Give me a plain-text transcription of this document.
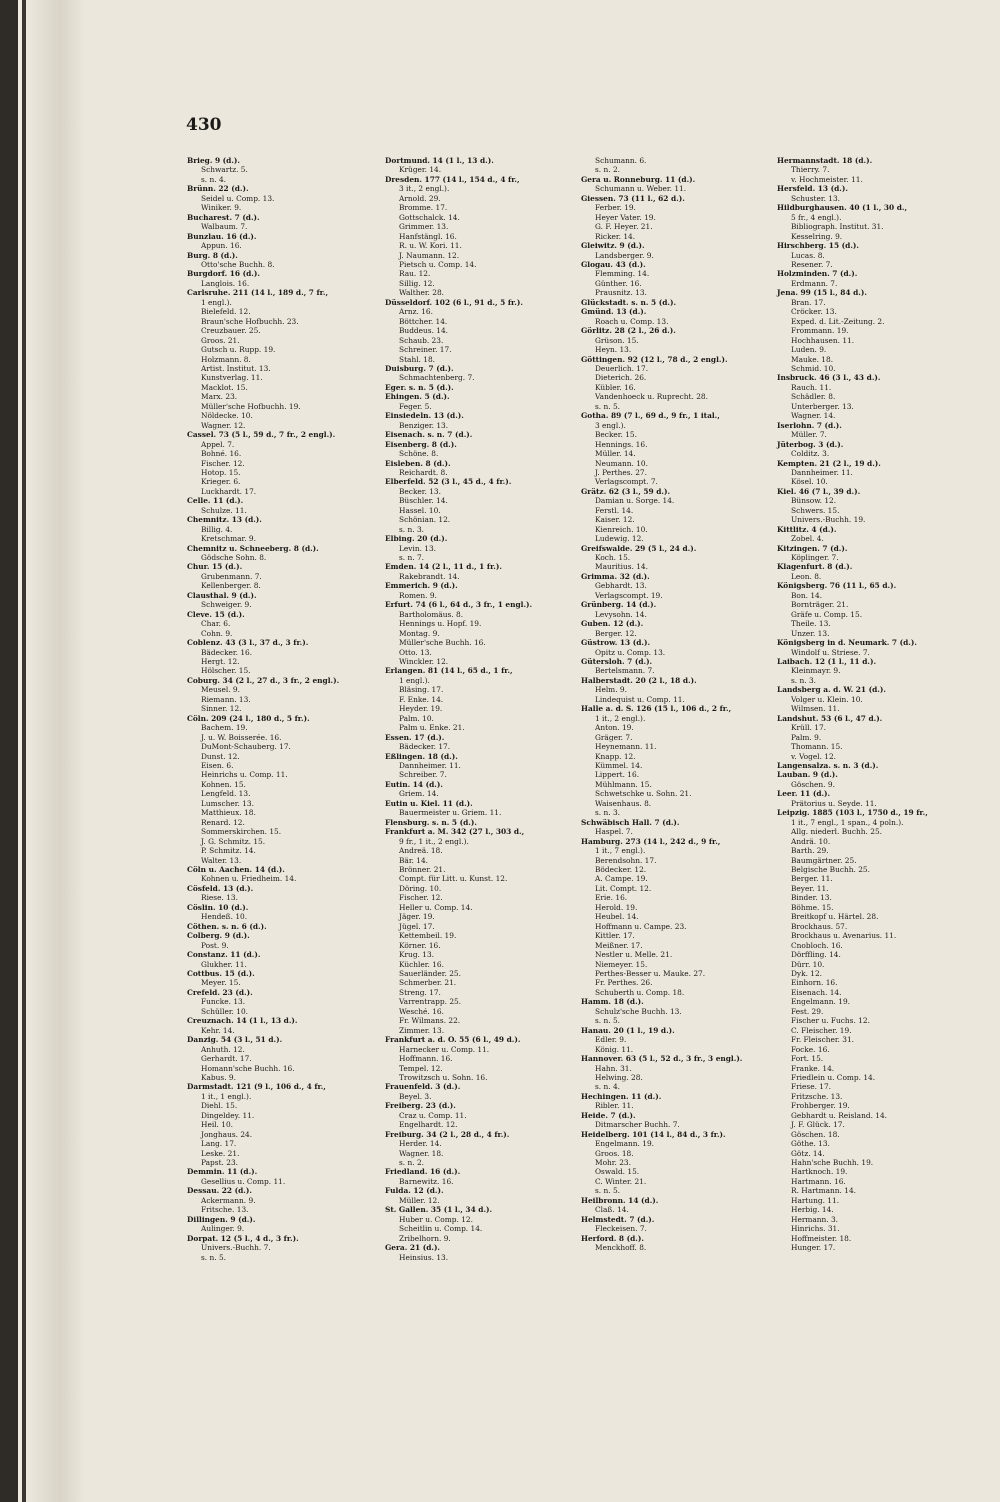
430
Brieg. 9 (d.).
Schwartz. 5.
s. n. 4.
Brünn. 22 (d.).
Seidel u. Comp. 13.
Winiker. 9.
Bucharest. 7 (d.).
Walbaum. 7.
Bunzlau. 16 (d.).
Appun. 16.
Burg. 8 (d.).
Otto'sche Buchh. 8.
Burgdorf. 16 (d.).
Langlois. 16.
Carlsruhe. 211 (14 l., 189 d., 7 fr.,
1 engl.).
Bielefeld. 12.
Braun'sche Hofbuchh. 23.
Creuzbauer. 25.
Groos. 21.
Gutsch u. Rupp. 19.
Holzmann. 8.
Artist. Institut. 13.
Kunstverlag. 11.
Macklot. 15.
Marx. 23.
Müller'sche Hofbuchh. 19.
Nöldecke. 10.
Wagner. 12.
Cassel. 73 (5 l., 59 d., 7 fr., 2 engl.).
Appel. 7.
Bohné. 16.
Fischer. 12.
Hotop. 15.
Krieger. 6.
Luckhardt. 17.
Celle. 11 (d.).
Schulze. 11.
Chemnitz. 13 (d.).
Billig. 4.
Kretschmar. 9.
Chemnitz u. Schneeberg. 8 (d.).
Gödsche Sohn. 8.
Chur. 15 (d.).
Grubenmann. 7.
Kellenberger. 8.
Clausthal. 9 (d.).
Schweiger. 9.
Cleve. 15 (d.).
Char. 6.
Cohn. 9.
Coblenz. 43 (3 l., 37 d., 3 fr.).
Bädecker. 16.
Hergt. 12.
Hölscher. 15.
Coburg. 34 (2 l., 27 d., 3 fr., 2 engl.).
Meusel. 9.
Riemann. 13.
Sinner. 12.
Cöln. 209 (24 l., 180 d., 5 fr.).
Bachem. 19.
J. u. W. Boisserée. 16.
DuMont-Schauberg. 17.
Dunst. 12.
Eisen. 6.
Heinrichs u. Comp. 11.
Kohnen. 15.
Lengfeld. 13.
Lumscher. 13.
Matthieux. 18.
Renard. 12.
Sommerskirchen. 15.
J. G. Schmitz. 15.
P. Schmitz. 14.
Walter. 13.
Cöln u. Aachen. 14 (d.).
Kohnen u. Friedheim. 14.
Cösfeld. 13 (d.).
Riese. 13.
Cöslin. 10 (d.).
Hendeß. 10.
Cöthen. s. n. 6 (d.).
Colberg. 9 (d.).
Post. 9.
Constanz. 11 (d.).
Glukher. 11.
Cottbus. 15 (d.).
Meyer. 15.
Crefeld. 23 (d.).
Funcke. 13.
Schüller. 10.
Creuznach. 14 (1 l., 13 d.).
Kehr. 14.
Danzig. 54 (3 l., 51 d.).
Anhuth. 12.
Gerhardt. 17.
Homann'sche Buchh. 16.
Kabus. 9.
Darmstadt. 121 (9 l., 106 d., 4 fr.,
1 it., 1 engl.).
Diehl. 15.
Dingeldey. 11.
Heil. 10.
Jonghaus. 24.
Lang. 17.
Leske. 21.
Papst. 23.
Demmin. 11 (d.).
Gesellius u. Comp. 11.
Dessau. 22 (d.).
Ackermann. 9.
Fritsche. 13.
Dillingen. 9 (d.).
Aulinger. 9.
Dorpat. 12 (5 l., 4 d., 3 fr.).
Univers.-Buchh. 7.
s. n. 5.
Dortmund. 14 (1 l., 13 d.).
Krüger. 14.
Dresden. 177 (14 l., 154 d., 4 fr.,
3 it., 2 engl.).
Arnold. 29.
Bromme. 17.
Gottschalck. 14.
Grimmer. 13.
Hanfstängl. 16.
R. u. W. Kori. 11.
J. Naumann. 12.
Pietsch u. Comp. 14.
Rau. 12.
Sillig. 12.
Walther. 28.
Düsseldorf. 102 (6 l., 91 d., 5 fr.).
Arnz. 16.
Böttcher. 14.
Buddeus. 14.
Schaub. 23.
Schreiner. 17.
Stahl. 18.
Duisburg. 7 (d.).
Schmachtenberg. 7.
Eger. s. n. 5 (d.).
Ehingen. 5 (d.).
Feger. 5.
Einsiedeln. 13 (d.).
Benziger. 13.
Eisenach. s. n. 7 (d.).
Eisenberg. 8 (d.).
Schöne. 8.
Eisleben. 8 (d.).
Reichardt. 8.
Elberfeld. 52 (3 l., 45 d., 4 fr.).
Becker. 13.
Büschler. 14.
Hassel. 10.
Schönian. 12.
s. n. 3.
Elbing. 20 (d.).
Levin. 13.
s. n. 7.
Emden. 14 (2 l., 11 d., 1 fr.).
Rakebrandt. 14.
Emmerich. 9 (d.).
Romen. 9.
Erfurt. 74 (6 l., 64 d., 3 fr., 1 engl.).
Bartholomäus. 8.
Hennings u. Hopf. 19.
Montag. 9.
Müller'sche Buchh. 16.
Otto. 13.
Winckler. 12.
Erlangen. 81 (14 l., 65 d., 1 fr.,
1 engl.).
Bläsing. 17.
F. Enke. 14.
Heyder. 19.
Palm. 10.
Palm u. Enke. 21.
Essen. 17 (d.).
Bädecker. 17.
Eßlingen. 18 (d.).
Dannheimer. 11.
Schreiber. 7.
Eutin. 14 (d.).
Griem. 14.
Eutin u. Kiel. 11 (d.).
Bauermeister u. Griem. 11.
Flensburg. s. n. 5 (d.).
Frankfurt a. M. 342 (27 l., 303 d.,
9 fr., 1 it., 2 engl.).
Andreä. 18.
Bär. 14.
Brönner. 21.
Compt. für Litt. u. Kunst. 12.
Döring. 10.
Fischer. 12.
Heller u. Comp. 14.
Jäger. 19.
Jügel. 17.
Kettembeil. 19.
Körner. 16.
Krug. 13.
Küchler. 16.
Sauerländer. 25.
Schmerber. 21.
Streng. 17.
Varrentrapp. 25.
Wesché. 16.
Fr. Wilmans. 22.
Zimmer. 13.
Frankfurt a. d. O. 55 (6 l., 49 d.).
Harnecker u. Comp. 11.
Hoffmann. 16.
Tempel. 12.
Trowitzsch u. Sohn. 16.
Frauenfeld. 3 (d.).
Beyel. 3.
Freiberg. 23 (d.).
Craz u. Comp. 11.
Engelhardt. 12.
Freiburg. 34 (2 l., 28 d., 4 fr.).
Herder. 14.
Wagner. 18.
s. n. 2.
Friedland. 16 (d.).
Barnewitz. 16.
Fulda. 12 (d.).
Müller. 12.
St. Gallen. 35 (1 l., 34 d.).
Huber u. Comp. 12.
Scheitlin u. Comp. 14.
Zribelhorn. 9.
Gera. 21 (d.).
Heinsius. 13.
Schumann. 6.
s. n. 2.
Gera u. Ronneburg. 11 (d.).
Schumann u. Weber. 11.
Giessen. 73 (11 l., 62 d.).
Ferber. 19.
Heyer Vater. 19.
G. F. Heyer. 21.
Ricker. 14.
Gleiwitz. 9 (d.).
Landsberger. 9.
Glogau. 43 (d.).
Flemming. 14.
Günther. 16.
Prausnitz. 13.
Glückstadt. s. n. 5 (d.).
Gmünd. 13 (d.).
Roach u. Comp. 13.
Görlitz. 28 (2 l., 26 d.).
Grüson. 15.
Heyn. 13.
Göttingen. 92 (12 l., 78 d., 2 engl.).
Deuerlich. 17.
Dieterich. 26.
Kübler. 16.
Vandenhoeck u. Ruprecht. 28.
s. n. 5.
Gotha. 89 (7 l., 69 d., 9 fr., 1 ital.,
3 engl.).
Becker. 15.
Hennings. 16.
Müller. 14.
Neumann. 10.
J. Perthes. 27.
Verlagscompt. 7.
Grätz. 62 (3 l., 59 d.).
Damian u. Sorge. 14.
Ferstl. 14.
Kaiser. 12.
Kienreich. 10.
Ludewig. 12.
Greifswalde. 29 (5 l., 24 d.).
Koch. 15.
Mauritius. 14.
Grimma. 32 (d.).
Gebhardt. 13.
Verlagscompt. 19.
Grünberg. 14 (d.).
Levysohn. 14.
Guben. 12 (d.).
Berger. 12.
Güstrow. 13 (d.).
Opitz u. Comp. 13.
Gütersloh. 7 (d.).
Bertelsmann. 7.
Halberstadt. 20 (2 l., 18 d.).
Helm. 9.
Lindequist u. Comp. 11.
Halle a. d. S. 126 (15 l., 106 d., 2 fr.,
1 it., 2 engl.).
Anton. 19.
Gräger. 7.
Heynemann. 11.
Knapp. 12.
Kümmel. 14.
Lippert. 16.
Mühlmann. 15.
Schwetschke u. Sohn. 21.
Waisenhaus. 8.
s. n. 3.
Schwäbisch Hall. 7 (d.).
Haspel. 7.
Hamburg. 273 (14 l., 242 d., 9 fr.,
1 it., 7 engl.).
Berendsohn. 17.
Bödecker. 12.
A. Campe. 19.
Lit. Compt. 12.
Erie. 16.
Herold. 19.
Heubel. 14.
Hoffmann u. Campe. 23.
Kittler. 17.
Meißner. 17.
Nestler u. Melle. 21.
Niemeyer. 15.
Perthes-Besser u. Mauke. 27.
Fr. Perthes. 26.
Schuberth u. Comp. 18.
Hamm. 18 (d.).
Schulz'sche Buchh. 13.
s. n. 5.
Hanau. 20 (1 l., 19 d.).
Edler. 9.
König. 11.
Hannover. 63 (5 l., 52 d., 3 fr., 3 engl.).
Hahn. 31.
Helwing. 28.
s. n. 4.
Hechingen. 11 (d.).
Ribler. 11.
Heide. 7 (d.).
Ditmarscher Buchh. 7.
Heidelberg. 101 (14 l., 84 d., 3 fr.).
Engelmann. 19.
Groos. 18.
Mohr. 23.
Oswald. 15.
C. Winter. 21.
s. n. 5.
Heilbronn. 14 (d.).
Claß. 14.
Helmstedt. 7 (d.).
Fleckeisen. 7.
Herford. 8 (d.).
Menckhoff. 8.
Hermannstadt. 18 (d.).
Thierry. 7.
v. Hochmeister. 11.
Hersfeld. 13 (d.).
Schuster. 13.
Hildburghausen. 40 (1 l., 30 d.,
5 fr., 4 engl.).
Bibliograph. Institut. 31.
Kesselring. 9.
Hirschberg. 15 (d.).
Lucas. 8.
Resener. 7.
Holzminden. 7 (d.).
Erdmann. 7.
Jena. 99 (15 l., 84 d.).
Bran. 17.
Cröcker. 13.
Exped. d. Lit.-Zeitung. 2.
Frommann. 19.
Hochhausen. 11.
Luden. 9.
Mauke. 18.
Schmid. 10.
Insbruck. 46 (3 l., 43 d.).
Rauch. 11.
Schädler. 8.
Unterberger. 13.
Wagner. 14.
Iserlohn. 7 (d.).
Müller. 7.
Jüterbog. 3 (d.).
Colditz. 3.
Kempten. 21 (2 l., 19 d.).
Dannheimer. 11.
Kösel. 10.
Kiel. 46 (7 l., 39 d.).
Bünsow. 12.
Schwers. 15.
Univers.-Buchh. 19.
Kittlitz. 4 (d.).
Zobel. 4.
Kitzingen. 7 (d.).
Köplinger. 7.
Klagenfurt. 8 (d.).
Leon. 8.
Königsberg. 76 (11 l., 65 d.).
Bon. 14.
Bornträger. 21.
Gräfe u. Comp. 15.
Theile. 13.
Unzer. 13.
Königsberg in d. Neumark. 7 (d.).
Windolf u. Striese. 7.
Laibach. 12 (1 l., 11 d.).
Kleinmayr. 9.
s. n. 3.
Landsberg a. d. W. 21 (d.).
Volger u. Klein. 10.
Wilmsen. 11.
Landshut. 53 (6 l., 47 d.).
Krüll. 17.
Palm. 9.
Thomann. 15.
v. Vogel. 12.
Langensalza. s. n. 3 (d.).
Lauban. 9 (d.).
Göschen. 9.
Leer. 11 (d.).
Prätorius u. Seyde. 11.
Leipzig. 1885 (103 l., 1750 d., 19 fr.,
1 it., 7 engl., 1 span., 4 poln.).
Allg. niederl. Buchh. 25.
Andrä. 10.
Barth. 29.
Baumgärtner. 25.
Belgische Buchh. 25.
Berger. 11.
Beyer. 11.
Binder. 13.
Böhme. 15.
Breitkopf u. Härtel. 28.
Brockhaus. 57.
Brockhaus u. Avenarius. 11.
Cnobloch. 16.
Dörffling. 14.
Dürr. 10.
Dyk. 12.
Einhorn. 16.
Eisenach. 14.
Engelmann. 19.
Fest. 29.
Fischer u. Fuchs. 12.
C. Fleischer. 19.
Fr. Fleischer. 31.
Focke. 16.
Fort. 15.
Franke. 14.
Friedlein u. Comp. 14.
Friese. 17.
Fritzsche. 13.
Frohberger. 19.
Gebhardt u. Reisland. 14.
J. F. Glück. 17.
Göschen. 18.
Göthe. 13.
Götz. 14.
Hahn'sche Buchh. 19.
Hartknoch. 19.
Hartmann. 16.
R. Hartmann. 14.
Hartung. 11.
Herbig. 14.
Hermann. 3.
Hinrichs. 31.
Hoffmeister. 18.
Hunger. 17.
